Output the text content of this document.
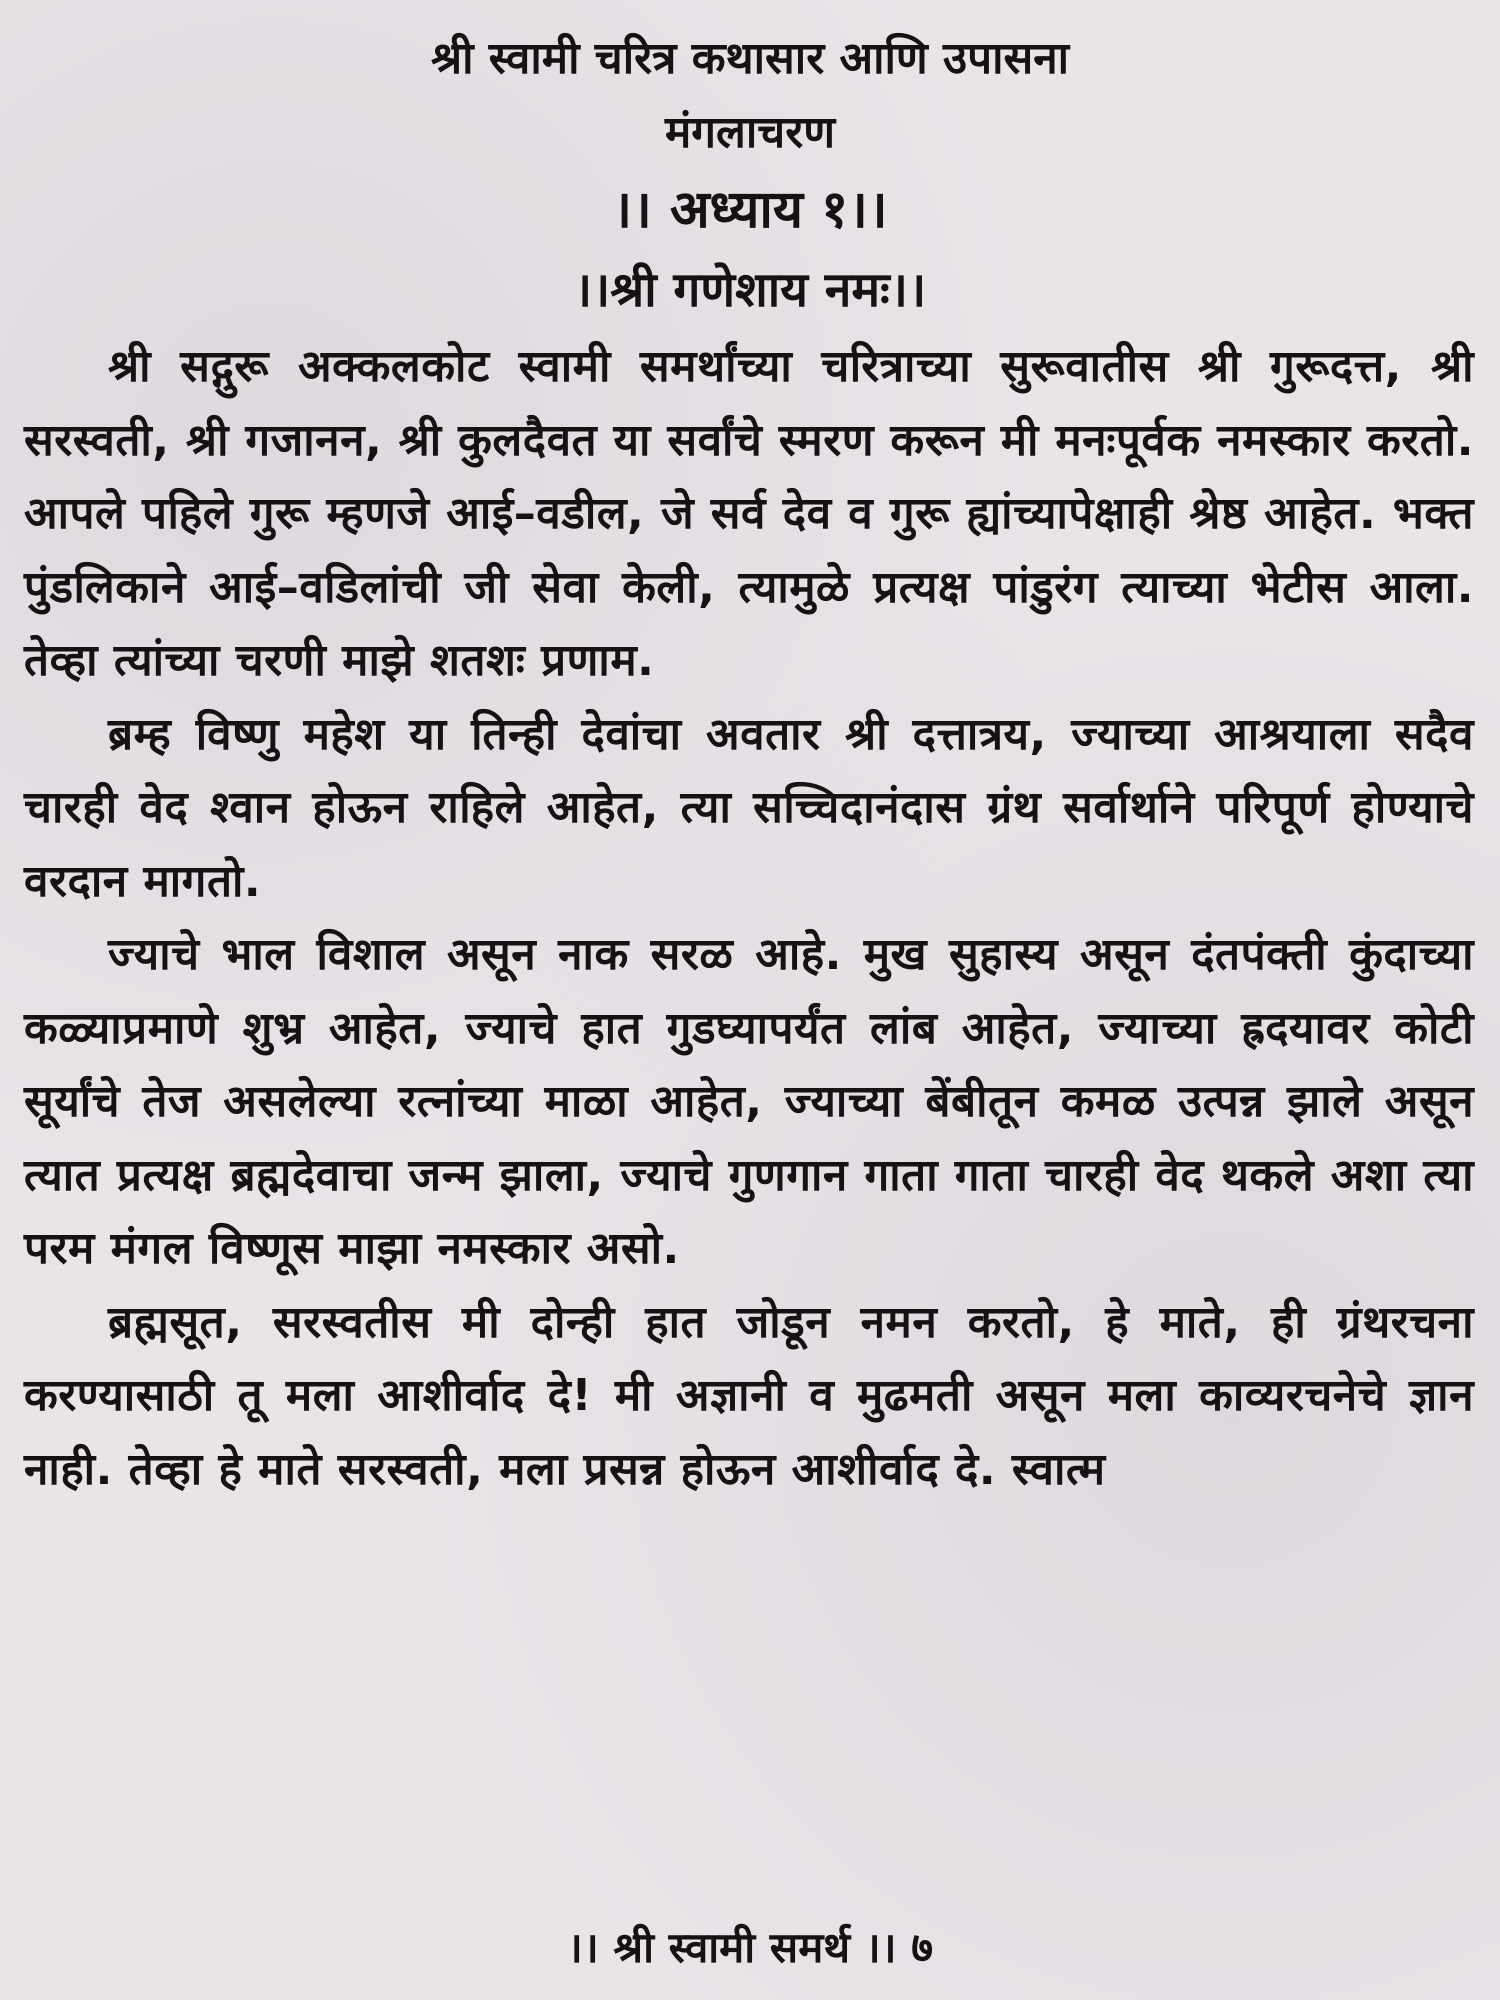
श्री स्वामी चरित्र कथासार आणि उपासना
मंगलाचरण
।। अध्याय १।।
।।श्री गणेशाय नमः।।

श्री सद्गुरू अक्कलकोट स्वामी समर्थांच्या चरित्राच्या सुरूवातीस श्री गुरूदत्त, श्री सरस्वती, श्री गजानन, श्री कुलदैवत या सर्वांचे स्मरण करून मी मनःपूर्वक नमस्कार करतो. आपले पहिले गुरू म्हणजे आई–वडील, जे सर्व देव व गुरू ह्यांच्यापेक्षाही श्रेष्ठ आहेत. भक्त पुंडलिकाने आई–वडिलांची जी सेवा केली, त्यामुळे प्रत्यक्ष पांडुरंग त्याच्या भेटीस आला. तेव्हा त्यांच्या चरणी माझे शतशः प्रणाम.

ब्रम्ह विष्णु महेश या तिन्ही देवांचा अवतार श्री दत्तात्रय, ज्याच्या आश्रयाला सदैव चारही वेद श्वान होऊन राहिले आहेत, त्या सच्चिदानंदास ग्रंथ सर्वार्थाने परिपूर्ण होण्याचे वरदान मागतो.

ज्याचे भाल विशाल असून नाक सरळ आहे. मुख सुहास्य असून दंतपंक्ती कुंदाच्या कळ्याप्रमाणे शुभ्र आहेत, ज्याचे हात गुडघ्यापर्यंत लांब आहेत, ज्याच्या ह्रदयावर कोटी सूर्यांचे तेज असलेल्या रत्नांच्या माळा आहेत, ज्याच्या बेंबीतून कमळ उत्पन्न झाले असून त्यात प्रत्यक्ष ब्रह्मदेवाचा जन्म झाला, ज्याचे गुणगान गाता गाता चारही वेद थकले अशा त्या परम मंगल विष्णूस माझा नमस्कार असो.

ब्रह्मसूत, सरस्वतीस मी दोन्ही हात जोडून नमन करतो, हे माते, ही ग्रंथरचना करण्यासाठी तू मला आशीर्वाद दे! मी अज्ञानी व मुढमती असून मला काव्यरचनेचे ज्ञान नाही. तेव्हा हे माते सरस्वती, मला प्रसन्न होऊन आशीर्वाद दे. स्वात्म

।। श्री स्वामी समर्थ ।। ७
